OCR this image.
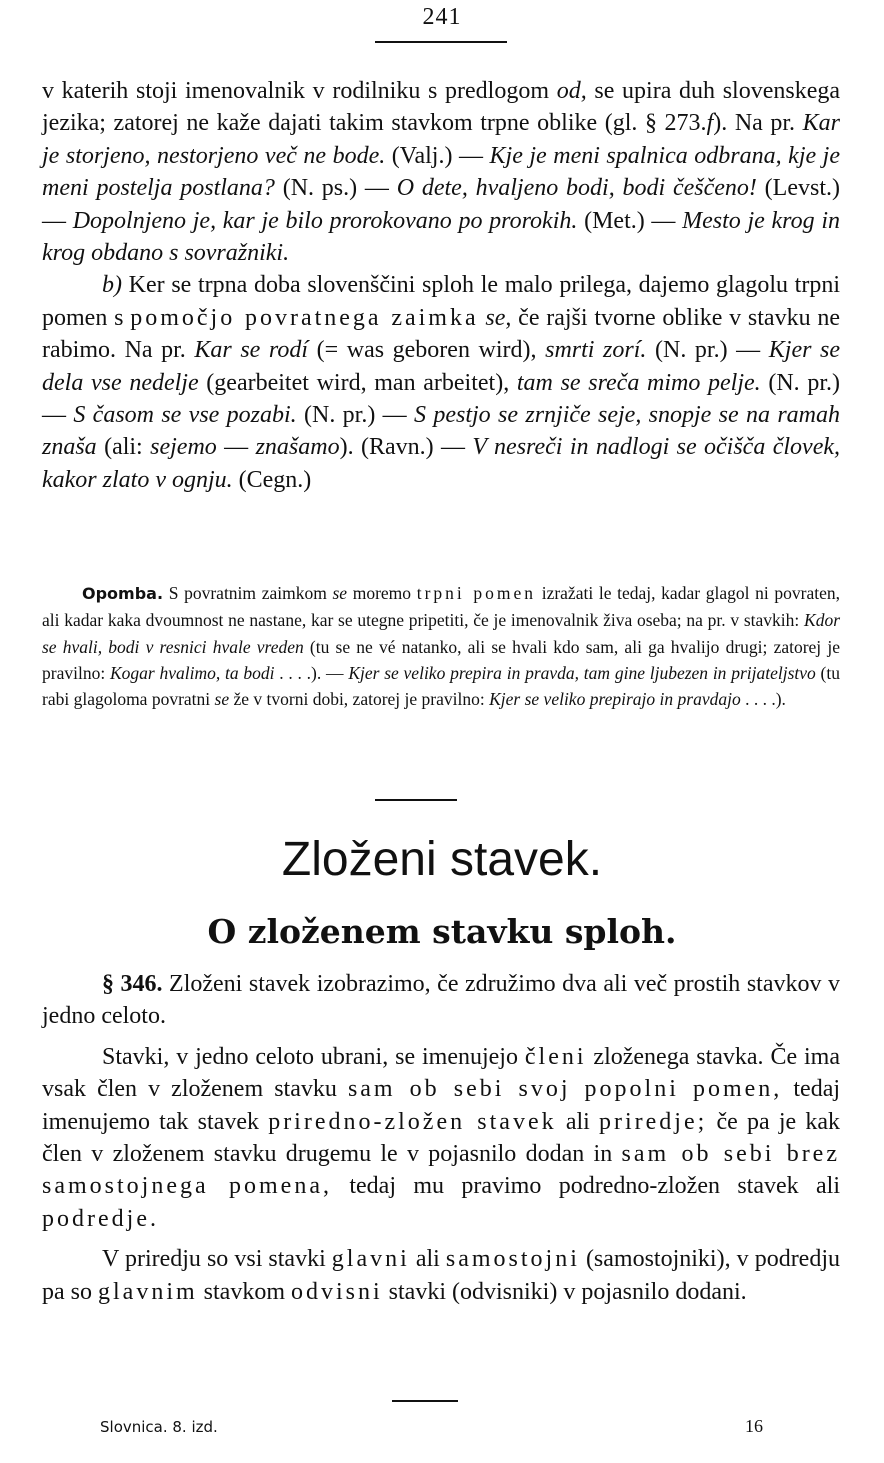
241

v katerih stoji imenovalnik v rodilniku s predlogom od, se upira duh slovenskega jezika; zatorej ne kaže dajati takim stavkom trpne oblike (gl. § 273.f). Na pr. Kar je storjeno, nestorjeno več ne bode. (Valj.) — Kje je meni spalnica odbrana, kje je meni postelja postlana? (N. ps.) — O dete, hvaljeno bodi, bodi češčeno! (Levst.) — Dopolnjeno je, kar je bilo prorokovano po prorokih. (Met.) — Mesto je krog in krog obdano s sovražniki.

b) Ker se trpna doba slovenščini sploh le malo prilega, dajemo glagolu trpni pomen s pomočjo povratnega zaimka se, če rajši tvorne oblike v stavku ne rabimo. Na pr. Kar se rodí (= was geboren wird), smrti zorí. (N. pr.) — Kjer se dela vse nedelje (gearbeitet wird, man arbeitet), tam se sreča mimo pelje. (N. pr.) — S časom se vse pozabi. (N. pr.) — S pestjo se zrnjiče seje, snopje se na ramah znaša (ali: sejemo — znašamo). (Ravn.) — V nesreči in nadlogi se očišča človek, kakor zlato v ognju. (Cegn.)

Opomba. S povratnim zaimkom se moremo trpni pomen izražati le tedaj, kadar glagol ni povraten, ali kadar kaka dvoumnost ne nastane, kar se utegne pripetiti, če je imenovalnik živa oseba; na pr. v stavkih: Kdor se hvali, bodi v resnici hvale vreden (tu se ne vé natanko, ali se hvali kdo sam, ali ga hvalijo drugi; zatorej je pravilno: Kogar hvalimo, ta bodi . . . .). — Kjer se veliko prepira in pravda, tam gine ljubezen in prijateljstvo (tu rabi glagoloma povratni se že v tvorni dobi, zatorej je pravilno: Kjer se veliko prepirajo in pravdajo . . . .).

Zloženi stavek.
O zloženem stavku sploh.

§ 346. Zloženi stavek izobrazimo, če združimo dva ali več prostih stavkov v jedno celoto.

Stavki, v jedno celoto ubrani, se imenujejo členi zloženega stavka. Če ima vsak člen v zloženem stavku sam ob sebi svoj popolni pomen, tedaj imenujemo tak stavek priredno-zložen stavek ali priredje; če pa je kak člen v zloženem stavku drugemu le v pojasnilo dodan in sam ob sebi brez samostojnega pomena, tedaj mu pravimo podredno-zložen stavek ali podredje.

V priredju so vsi stavki glavni ali samostojni (samostojniki), v podredju pa so glavnim stavkom odvisni stavki (odvisniki) v pojasnilo dodani.

Slovnica. 8. izd.	16
